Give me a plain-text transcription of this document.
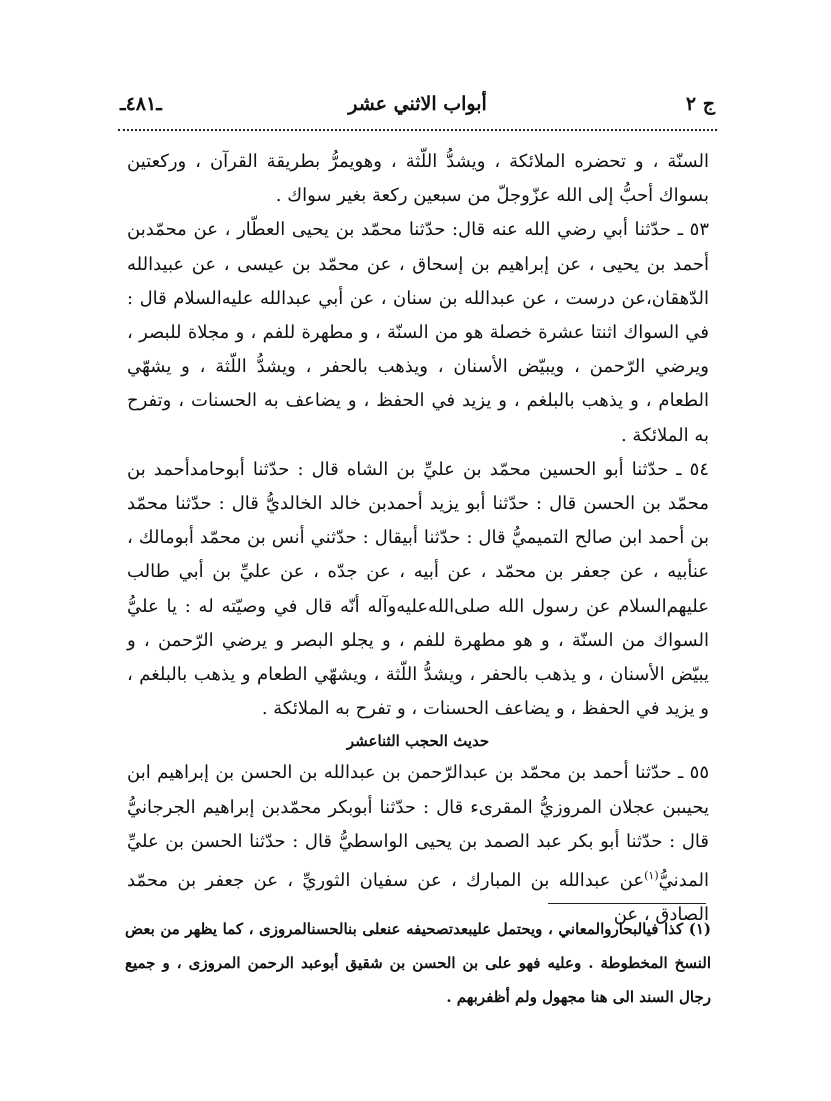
ج ٢
أبواب الاثني عشر
ـ٤٨١ـ

السنّة ، و تحضره الملائكة ، ويشدُّ اللّثة ، وهويمرُّ بطريقة القرآن ، وركعتين بسواك أحبُّ إلى الله عزّوجلّ من سبعين ركعة بغير سواك .

٥٣ ـ حدّثنا أبي رضي الله عنه قال: حدّثنا محمّد بن يحيى العطّار ، عن محمّدبن أحمد بن يحيى ، عن إبراهيم بن إسحاق ، عن محمّد بن عيسى ، عن عبيدالله الدّهقان،عن درست ، عن عبدالله بن سنان ، عن أبي عبدالله عليه‌السلام قال : في السواك اثنتا عشرة خصلة هو من السنّة ، و مطهرة للفم ، و مجلاة للبصر ، ويرضي الرّحمن ، ويبيّض الأسنان ، ويذهب بالحفر ، ويشدُّ اللّثة ، و يشهّي الطعام ، و يذهب بالبلغم ، و يزيد في الحفظ ، و يضاعف به الحسنات ، وتفرح به الملائكة .

٥٤ ـ حدّثنا أبو الحسين محمّد بن عليِّ بن الشاه قال : حدّثنا أبوحامدأحمد بن محمّد بن الحسن قال : حدّثنا أبو يزيد أحمدبن خالد الخالديُّ قال : حدّثنا محمّد بن أحمد ابن صالح التميميُّ قال : حدّثنا أبيقال : حدّثني أنس بن محمّد أبومالك ، عنأبيه ، عن جعفر بن محمّد ، عن أبيه ، عن جدّه ، عن عليِّ بن أبي طالب عليهم‌السلام عن رسول الله صلى‌الله‌عليه‌وآله أنّه قال في وصيّته له : يا عليُّ السواك من السنّة ، و هو مطهرة للفم ، و يجلو البصر و يرضي الرّحمن ، و يبيّض الأسنان ، و يذهب بالحفر ، ويشدُّ اللّثة ، ويشهّي الطعام و يذهب بالبلغم ، و يزيد في الحفظ ، و يضاعف الحسنات ، و تفرح به الملائكة .

حديث الحجب الثناعشر

٥٥ ـ حدّثنا أحمد بن محمّد بن عبدالرّحمن بن عبدالله بن الحسن بن إبراهيم ابن يحيىبن عجلان المروزيُّ المقرىء قال : حدّثنا أبوبكر محمّدبن إبراهيم الجرجانيُّ قال : حدّثنا أبو بكر عبد الصمد بن يحيى الواسطيُّ قال : حدّثنا الحسن بن عليِّ المدنيُّ$^{(١)}$عن عبدالله بن المبارك ، عن سفيان الثوريِّ ، عن جعفر بن محمّد الصادق ، عن

(١) كذا فيالبحاروالمعاني ، ويحتمل عليبعدتصحيفه عنعلى بنالحسنالمروزى ، كما يظهر من بعض النسخ المخطوطة . وعليه فهو على بن الحسن بن شقيق أبوعبد الرحمن المروزى ، و جميع رجال السند الى هنا مجهول ولم أظفربهم .
